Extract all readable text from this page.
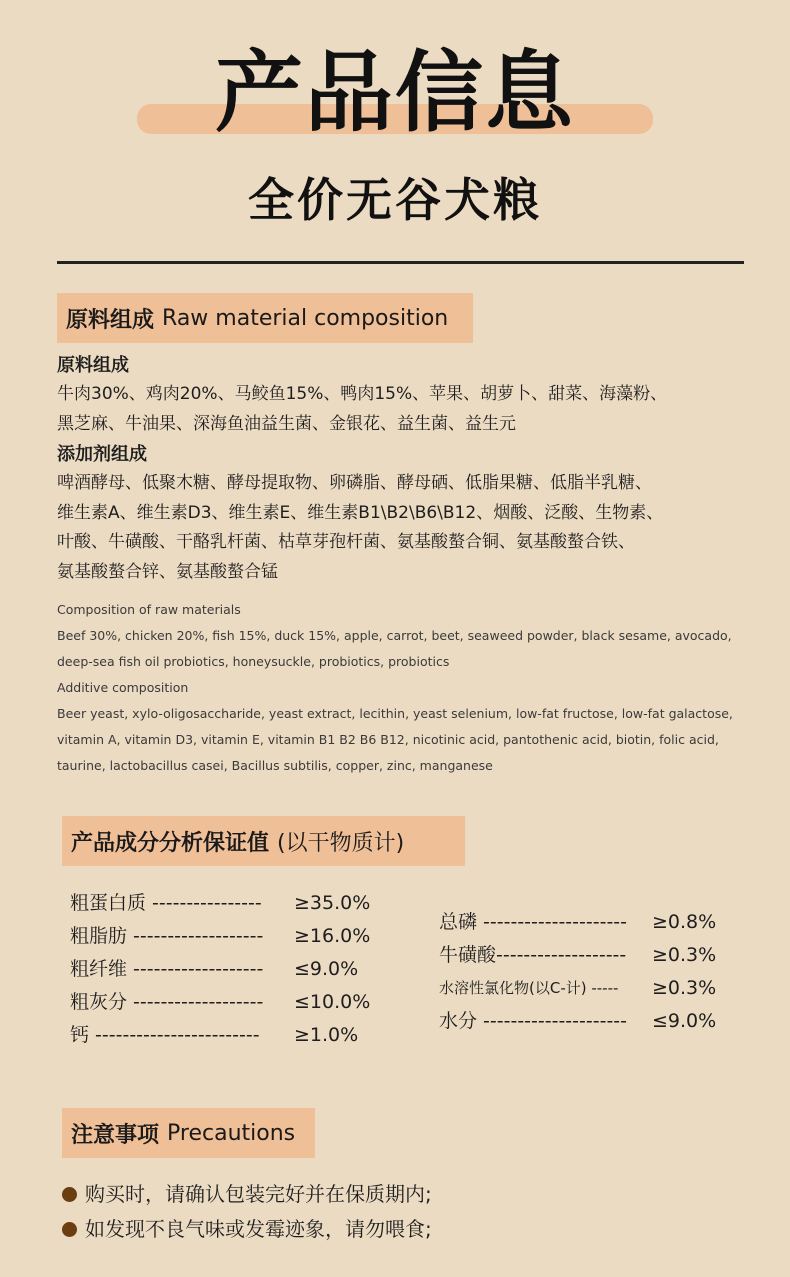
产品信息
全价无谷犬粮
原料组成 Raw material composition
原料组成
牛肉30%、鸡肉20%、马鲛鱼15%、鸭肉15%、苹果、胡萝卜、甜菜、海藻粉、
黑芝麻、牛油果、深海鱼油益生菌、金银花、益生菌、益生元
添加剂组成
啤酒酵母、低聚木糖、酵母提取物、卵磷脂、酵母硒、低脂果糖、低脂半乳糖、
维生素A、维生素D3、维生素E、维生素B1\B2\B6\B12、烟酸、泛酸、生物素、
叶酸、牛磺酸、干酪乳杆菌、枯草芽孢杆菌、氨基酸螯合铜、氨基酸螯合铁、
氨基酸螯合锌、氨基酸螯合锰
Composition of raw materials
Beef 30%, chicken 20%, fish 15%, duck 15%, apple, carrot, beet, seaweed powder, black sesame, avocado,
deep-sea fish oil probiotics, honeysuckle, probiotics, probiotics
Additive composition
Beer yeast, xylo-oligosaccharide, yeast extract, lecithin, yeast selenium, low-fat fructose, low-fat galactose,
vitamin A, vitamin D3, vitamin E, vitamin B1 B2 B6 B12, nicotinic acid, pantothenic acid, biotin, folic acid,
taurine, lactobacillus casei, Bacillus subtilis, copper, zinc, manganese
产品成分分析保证值 (以干物质计)
粗蛋白质 ---------------- ≥35.0%
粗脂肪 ------------------- ≥16.0%
粗纤维 ------------------- ≤9.0%
粗灰分 ------------------- ≤10.0%
钙 ------------------------ ≥1.0%
总磷 --------------------- ≥0.8%
牛磺酸------------------- ≥0.3%
水溶性氯化物(以C-计) ----- ≥0.3%
水分 --------------------- ≤9.0%
注意事项 Precautions
购买时，请确认包装完好并在保质期内;
如发现不良气味或发霉迹象，请勿喂食;
